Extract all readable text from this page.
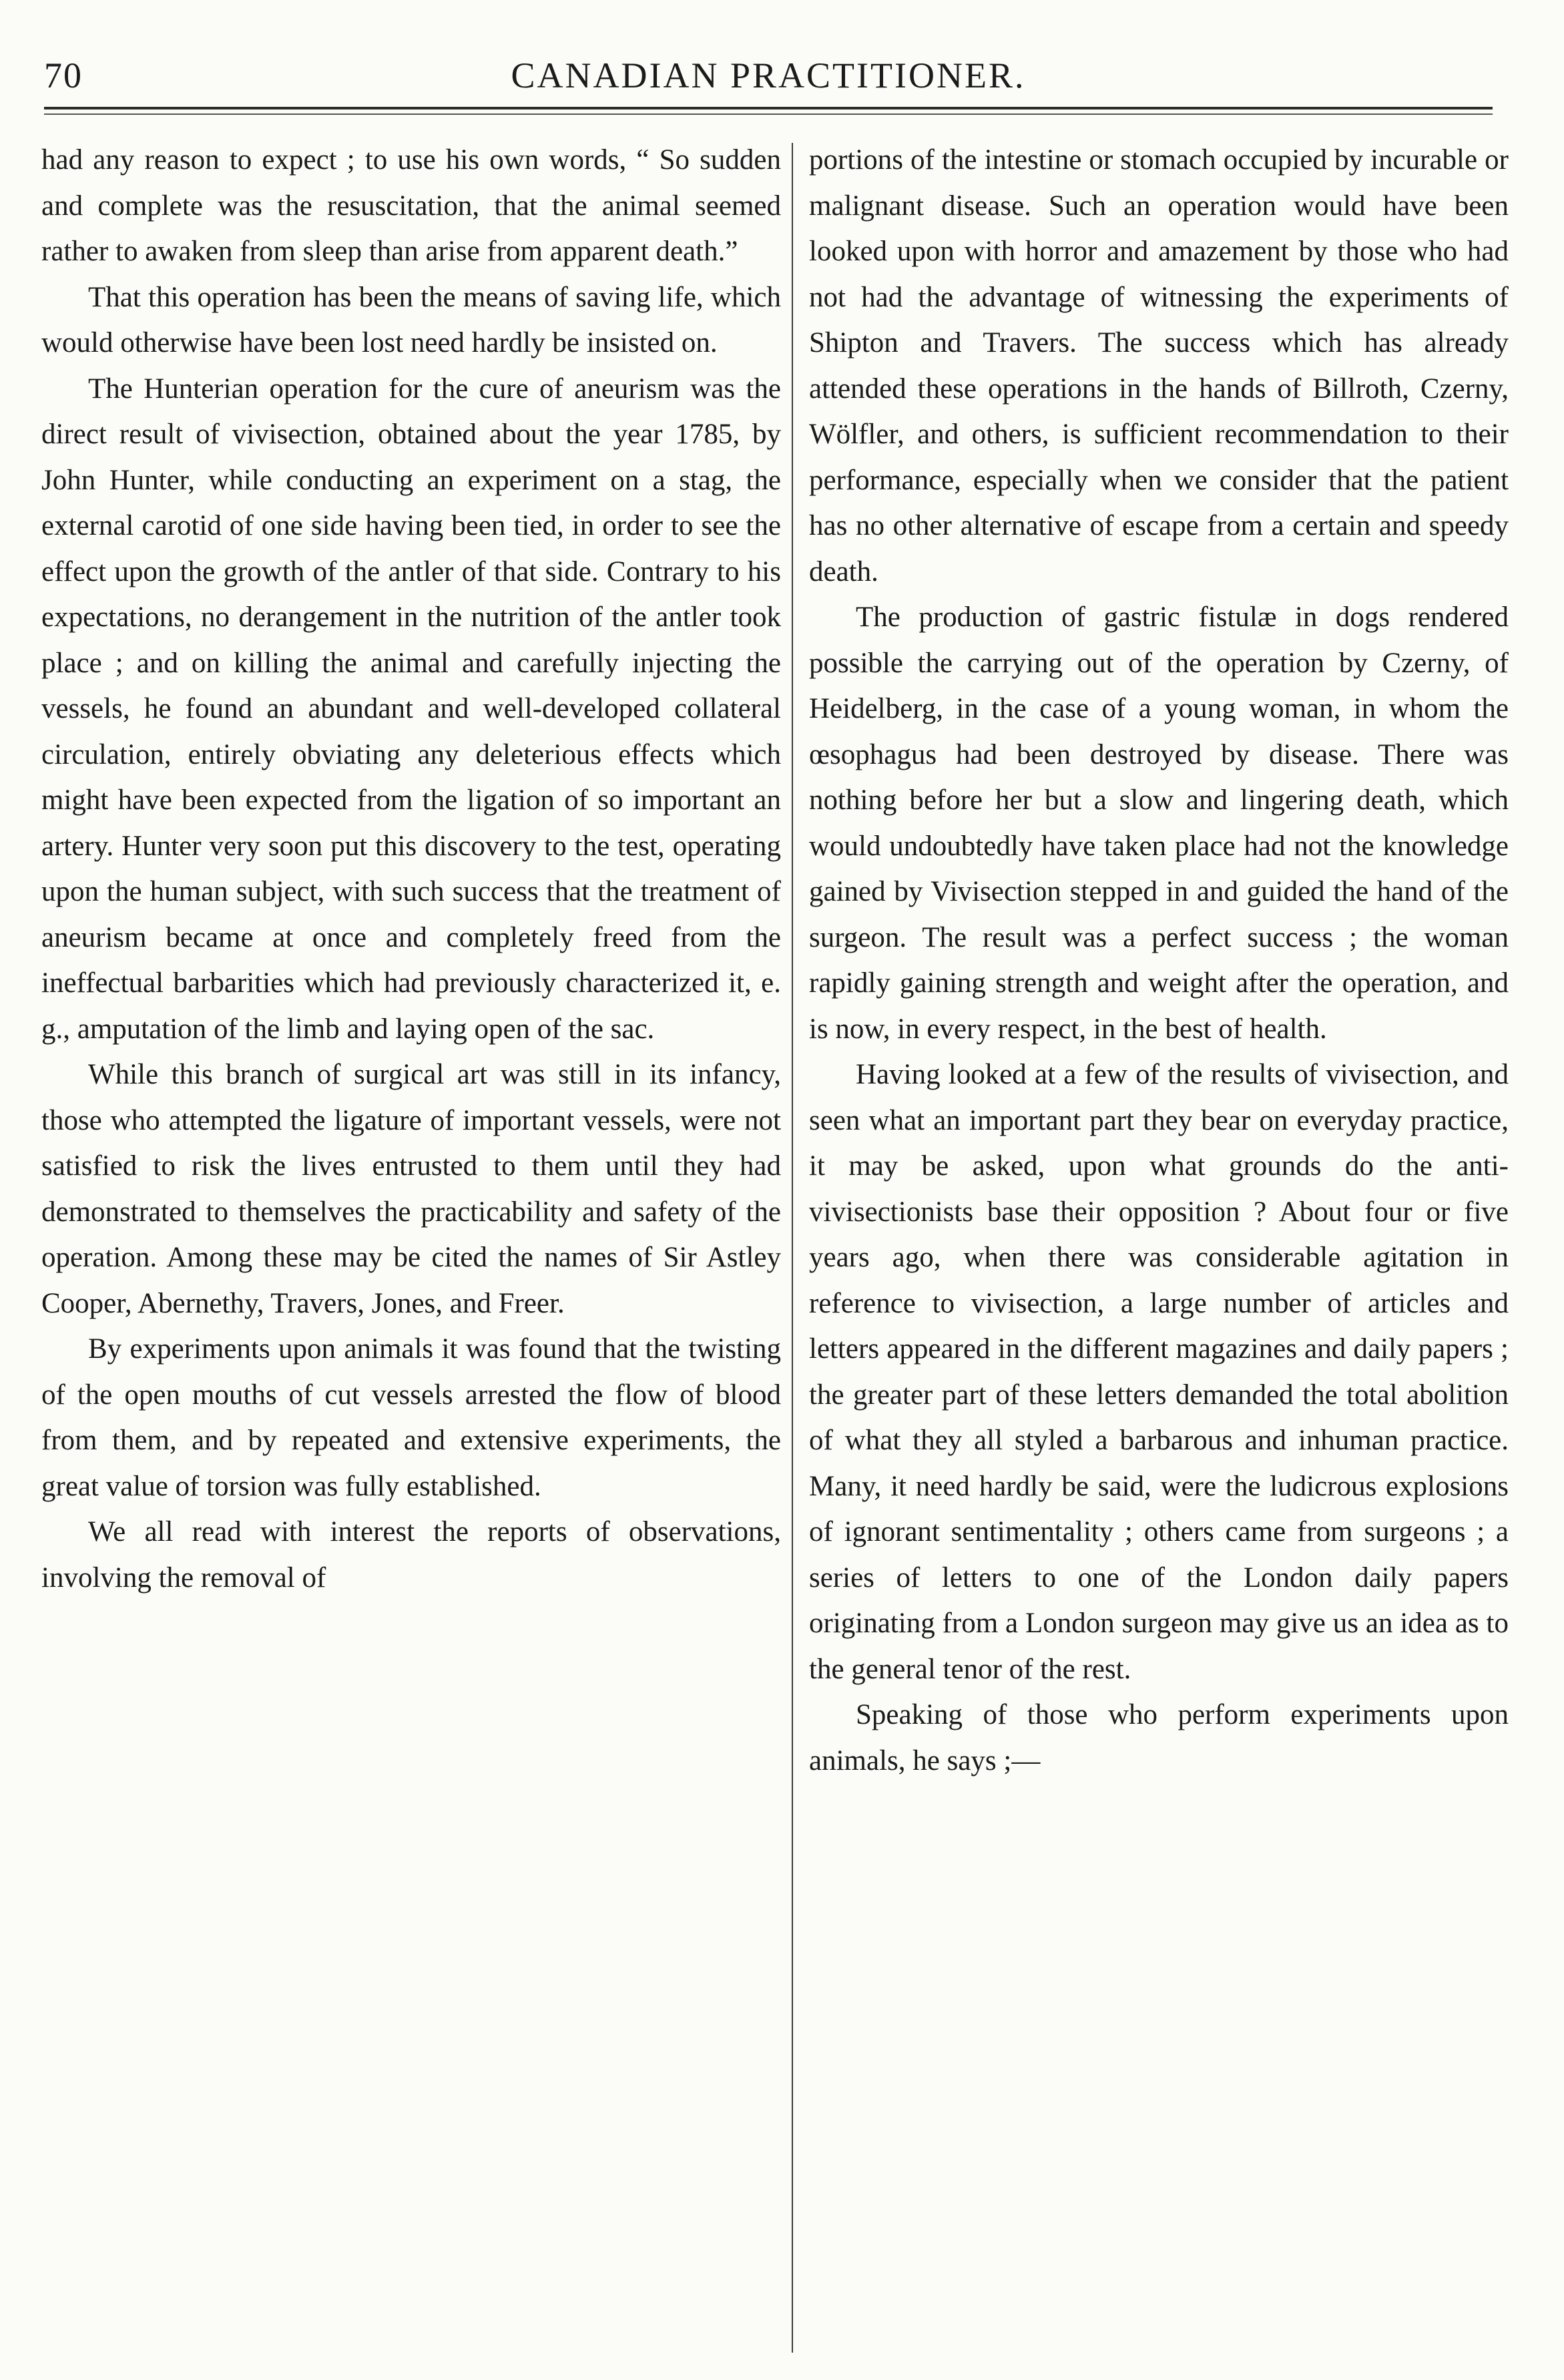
70	CANADIAN PRACTITIONER.

had any reason to expect ; to use his own words, “ So sudden and complete was the resuscitation, that the animal seemed rather to awaken from sleep than arise from apparent death.”

That this operation has been the means of saving life, which would otherwise have been lost need hardly be insisted on.

The Hunterian operation for the cure of aneurism was the direct result of vivisection, obtained about the year 1785, by John Hunter, while conducting an experiment on a stag, the external carotid of one side having been tied, in order to see the effect upon the growth of the antler of that side. Contrary to his expectations, no derangement in the nutrition of the antler took place ; and on killing the animal and carefully injecting the vessels, he found an abundant and well-developed collateral circulation, entirely obviating any deleterious effects which might have been expected from the ligation of so important an artery. Hunter very soon put this discovery to the test, operating upon the human subject, with such success that the treatment of aneurism became at once and completely freed from the ineffectual barbarities which had previously characterized it, e. g., amputation of the limb and laying open of the sac.

While this branch of surgical art was still in its infancy, those who attempted the ligature of important vessels, were not satisfied to risk the lives entrusted to them until they had demonstrated to themselves the practicability and safety of the operation. Among these may be cited the names of Sir Astley Cooper, Abernethy, Travers, Jones, and Freer.

By experiments upon animals it was found that the twisting of the open mouths of cut vessels arrested the flow of blood from them, and by repeated and extensive experiments, the great value of torsion was fully established.

We all read with interest the reports of observations, involving the removal of

portions of the intestine or stomach occupied by incurable or malignant disease. Such an operation would have been looked upon with horror and amazement by those who had not had the advantage of witnessing the experiments of Shipton and Travers. The success which has already attended these operations in the hands of Billroth, Czerny, Wölfler, and others, is sufficient recommendation to their performance, especially when we consider that the patient has no other alternative of escape from a certain and speedy death.

The production of gastric fistulæ in dogs rendered possible the carrying out of the operation by Czerny, of Heidelberg, in the case of a young woman, in whom the œsophagus had been destroyed by disease. There was nothing before her but a slow and lingering death, which would undoubtedly have taken place had not the knowledge gained by Vivisection stepped in and guided the hand of the surgeon. The result was a perfect success ; the woman rapidly gaining strength and weight after the operation, and is now, in every respect, in the best of health.

Having looked at a few of the results of vivisection, and seen what an important part they bear on everyday practice, it may be asked, upon what grounds do the anti-vivisectionists base their opposition ? About four or five years ago, when there was considerable agitation in reference to vivisection, a large number of articles and letters appeared in the different magazines and daily papers ; the greater part of these letters demanded the total abolition of what they all styled a barbarous and inhuman practice. Many, it need hardly be said, were the ludicrous explosions of ignorant sentimentality ; others came from surgeons ; a series of letters to one of the London daily papers originating from a London surgeon may give us an idea as to the general tenor of the rest.

Speaking of those who perform experiments upon animals, he says ;—
